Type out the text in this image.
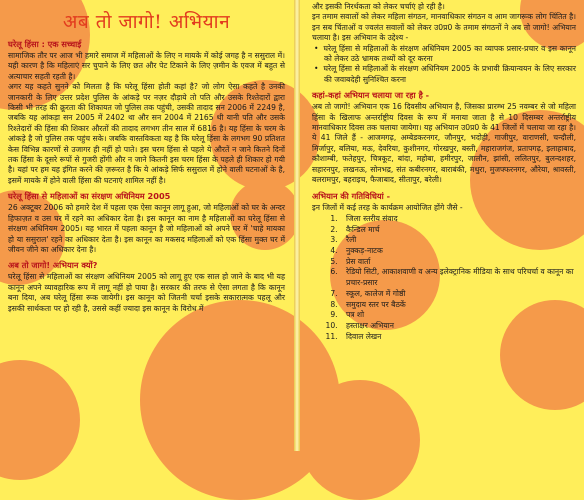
अब तो जागो! अभियान
घरेलू हिंसा : एक सच्चाई

सामाजिक तौर पर आज भी हमारे समाज में महिलाओं के लिए न मायके में कोई जगह है न ससुराल में। यही कारण है कि महिलाएं सर चुपाने के लिए छत और पेट टिकाने के लिए ज़मीन के एवज में बहुत से अत्याचार सहती रहती है।

अगर यह कहते सुनने को मिलता है कि घरेलू हिंसा होती कहां है? जो लोग ऐसा कहते है उनकी जानकारी के लिए उत्तर प्रदेश पुलिस के आंकड़े पर नज़र दौड़ाये तो पति और उसके रिश्तेदारों द्वारा किसी भी तरह की क्रूरता की शिकायत जो पुलिस तक पहुंची, उसकी तादाद सन 2006 में 2249 है, जबकि यह आंकड़ा सन 2005 में 2402 था और सन 2004 में 2165 थी यानी पति और उसके रिश्तेदारों की हिंसा की शिकार औरतों की तादाद लगभग तीन साल में 6816 है। यह हिंसा के चरम के आंकड़े है जो पुलिस तक पहुंच सके। जबकि वास्तविकता यह है कि घरेलू हिंसा के लगभग 90 प्रतिशत केस विभिन्न कारणों से उजागर ही नहीं हो पाते। इस चरम हिंसा से पहले ये औरतें न जाने कितने दिनों तक हिंसा के दूसरे रूपों से गुजरी होंगी और न जाने कितनी इस चरम हिंसा के पहले ही शिकार हो गयी है। यहां पर हम यह इंगित करने की ज़रूरत है कि ये आंकड़े सिर्फ ससुराल में होने वाली घटनाओं के है, इसमें मायके में होने वाली हिंसा की घटनाएं शामिल नहीं है।

घरेलू हिंसा से महिलाओं का संरक्षण अधिनियम 2005

26 अक्टूबर 2006 को हमारे देश में पहला एक ऐसा कानून लागू हुआ, जो महिलाओं को घर के अन्दर हिफाज़त व उस घर में रहने का अधिकार देता है। इस कानून का नाम है महिलाओं का घरेलू हिंसा से संरक्षण अधिनियम 2005। यह भारत में पहला कानून है जो महिलाओं को अपने घर में 'चाहे मायका हो या ससुराल' रहने का अधिकार देता है। इस कानून का मकसद महिलाओं को एक हिंसा मुक्त घर में जीवन जीने का अधिकार देना है।

अब तो जागो! अभियान क्यों?

घरेलू हिंसा से महिलाओं का संरक्षण अधिनियम 2005 को लागू हुए एक साल हो जाने के बाद भी यह कानून अपने व्यावहारिक रूप में लागू नहीं हो पाया है। सरकार की तरफ से ऐसा लगता है कि कानून बना दिया, अब घरेलू हिंसा रूक जायेगी। इस कानून को जितनी चर्चा इसके सकारात्मक पहलू और इसकी सार्थकता पर हो रही है, उससे कहीं ज्यादा इस कानून के विरोध में

और इसकी निरर्थकता को लेकर चर्चाएं हो रही है।

इन तमाम सवालों को लेकर महिला संगठन, मानवाधिकार संगठन व आम जागरूक लोग चिंतित है। इन सब चिंताओं व ज्वलंत सवालों को लेकर उ0प्र0 के तमाम संगठनों ने अब तो जागो! अभियान चलाया है। इस अभियान के उद्देश्य -

• घरेलू हिंसा से महिलाओं के संरक्षण अधिनियम 2005 का व्यापक प्रसार-प्रचार व इस कानून को लेकर उठे भ्रामक तथ्यों को दूर करना

• घरेलू हिंसा से महिलाओं के संरक्षण अधिनियम 2005 के प्रभावी क्रियान्वयन के लिए सरकार की जवाबदेही सुनिश्चित करना

कहां-कहां अभियान चलाया जा रहा है -

अब तो जागो! अभियान एक 16 दिवसीय अभियान है, जिसका प्रारम्भ 25 नवम्बर से जो महिला हिंसा के खिलाफ अन्तर्राष्ट्रीय दिवस के रूप में मनाया जाता है से 10 दिसम्बर अन्तर्राष्ट्रीय मानवाधिकार दिवस तक चलाया जायेगा। यह अभियान उ0प्र0 के 41 जिलों में चलाया जा रहा है। ये 41 जिले हैं - आजमगढ़, अम्बेडकरनगर, जौनपुर, भदोही, गाजीपुर, वाराणसी, चन्दौली, मिर्जापुर, बलिया, मऊ, देवरिया, कुशीनगर, गोरखपुर, बस्ती, महाराजगंज, प्रतापगढ़, इलाहाबाद, कौशाम्बी, फतेहपुर, चित्रकूट, बांदा, महोबा, हमीरपुर, जालौन, झांसी, ललितपुर, बुलन्दशहर, सहारनपुर, लखनऊ, सोनभद्र, संत कबीरनगर, बाराबंकी, मथुरा, मुजफ्फरनगर, औरेया, श्रावस्ती, बलरामपुर, बहराइच, फैजाबाद, सीतापुर, बरेली।

अभियान की गतिविधियां -

इन जिलों में कई तरह के कार्यक्रम आयोजित होंगे जैसे -

1. जिला स्तरीय संवाद
2. कैन्डिल मार्च
3. रैली
4. नुक्कड़-नाटक
5. प्रेस वार्ता
6. रेडियो सिटी, आकाशवाणी व अन्य इलेक्ट्रानिक मीडिया के साथ परिचर्चा व कानून का प्रचार-प्रसार
7. स्कूल, कालेज में गोष्ठी
8. समुदाय स्तर पर बैठकें
9. पत्र शो
10. हस्ताक्षर अभियान
11. दिवाल लेखन
